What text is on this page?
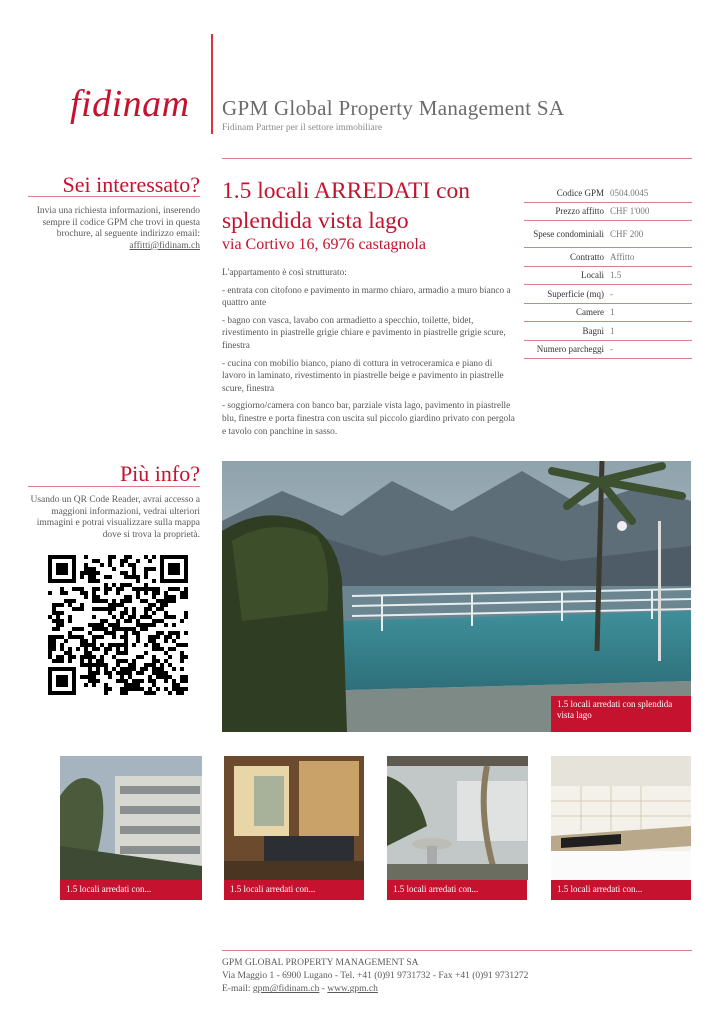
fidinam GPM Global Property Management SA
Fidinam Partner per il settore immobiliare
Sei interessato?
Invia una richiesta informazioni, inserendo sempre il codice GPM che trovi in questa brochure, al seguente indirizzo email:
affitti@fidinam.ch
Più info?
Usando un QR Code Reader, avrai accesso a maggioni informazioni, vedrai ulteriori immagini e potrai visualizzare sulla mappa dove si trova la proprietà.
1.5 locali ARREDATI con splendida vista lago
via Cortivo 16, 6976 castagnola

L'appartamento è così strutturato:

- entrata con citofono e pavimento in marmo chiaro, armadio a muro bianco a quattro ante

- bagno con vasca, lavabo con armadietto a specchio, toilette, bidet, rivestimento in piastrelle grigie chiare e pavimento in piastrelle grigie scure, finestra

- cucina con mobilio bianco, piano di cottura in vetroceramica e piano di lavoro in laminato, rivestimento in piastrelle beige e pavimento in piastrelle scure, finestra

- soggiorno/camera con banco bar, parziale vista lago, pavimento in piastrelle blu, finestre e porta finestra con uscita sul piccolo giardino privato con pergola e tavolo con panchine in sasso.

Codice GPM 0504.0045
Prezzo affitto CHF 1'000
Spese condominiali CHF 200
Contratto Affitto
Locali 1.5
Superficie (mq) -
Camere 1
Bagni 1
Numero parcheggi -
1.5 locali arredati con splendida vista lago
1.5 locali arredati con...	1.5 locali arredati con...	1.5 locali arredati con...	1.5 locali arredati con...
GPM GLOBAL PROPERTY MANAGEMENT SA
Via Maggio 1 - 6900 Lugano - Tel. +41 (0)91 9731732 - Fax +41 (0)91 9731272
E-mail: gpm@fidinam.ch - www.gpm.ch
